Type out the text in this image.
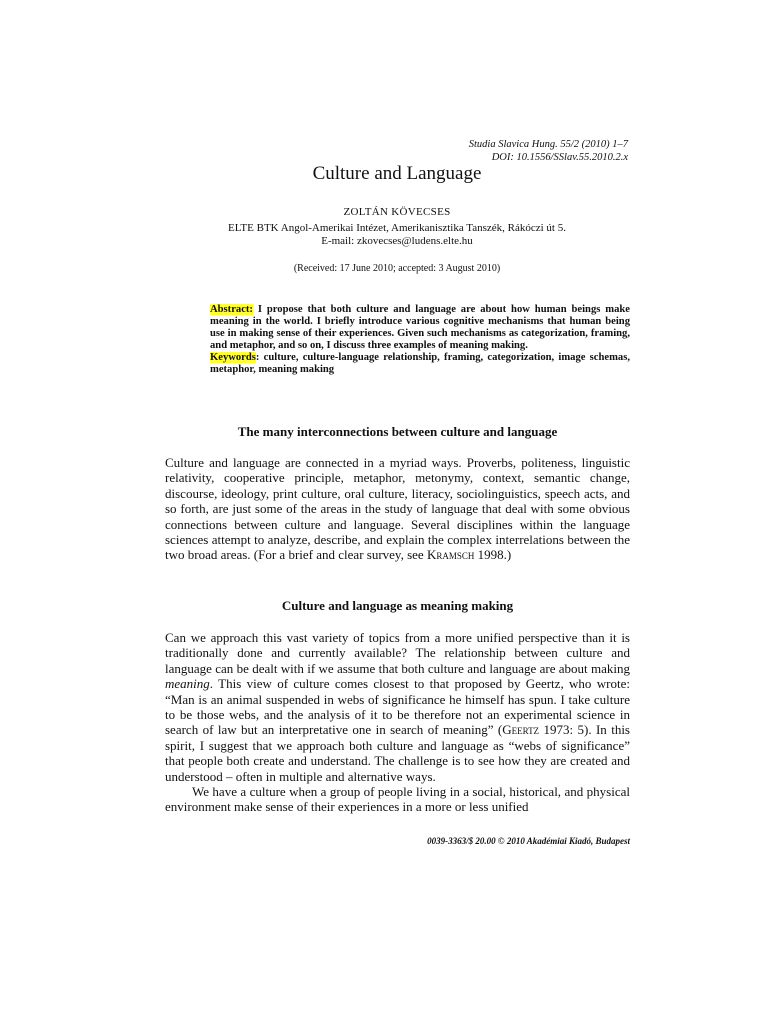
Studia Slavica Hung. 55/2 (2010) 1–7
DOI: 10.1556/SSlav.55.2010.2.x
Culture and Language
ZOLTÁN KÖVECSES
ELTE BTK Angol-Amerikai Intézet, Amerikanisztika Tanszék, Rákóczi út 5.
E-mail: zkovecses@ludens.elte.hu
(Received: 17 June 2010; accepted: 3 August 2010)

Abstract: I propose that both culture and language are about how human beings make meaning in the world. I briefly introduce various cognitive mechanisms that human being use in making sense of their experiences. Given such mechanisms as categorization, framing, and metaphor, and so on, I discuss three examples of meaning making.

Keywords: culture, culture-language relationship, framing, categorization, image schemas, metaphor, meaning making

The many interconnections between culture and language

Culture and language are connected in a myriad ways. Proverbs, politeness, linguistic relativity, cooperative principle, metaphor, metonymy, context, semantic change, discourse, ideology, print culture, oral culture, literacy, sociolinguistics, speech acts, and so forth, are just some of the areas in the study of language that deal with some obvious connections between culture and language. Several disciplines within the language sciences attempt to analyze, describe, and explain the complex interrelations between the two broad areas. (For a brief and clear survey, see Kramsch 1998.)

Culture and language as meaning making

Can we approach this vast variety of topics from a more unified perspective than it is traditionally done and currently available? The relationship between culture and language can be dealt with if we assume that both culture and language are about making meaning. This view of culture comes closest to that proposed by Geertz, who wrote: “Man is an animal suspended in webs of significance he himself has spun. I take culture to be those webs, and the analysis of it to be therefore not an experimental science in search of law but an interpretative one in search of meaning” (Geertz 1973: 5). In this spirit, I suggest that we approach both culture and language as “webs of significance” that people both create and understand. The challenge is to see how they are created and understood – often in multiple and alternative ways.

We have a culture when a group of people living in a social, historical, and physical environment make sense of their experiences in a more or less unified

0039-3363/$ 20.00 © 2010 Akadémiai Kiadó, Budapest
